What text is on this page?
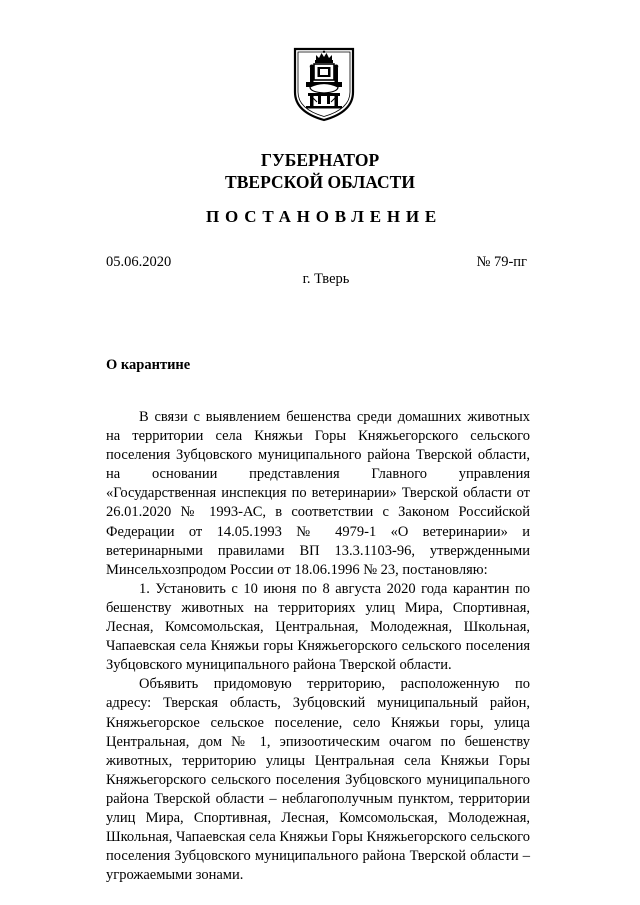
ГУБЕРНАТОР
ТВЕРСКОЙ ОБЛАСТИ
ПОСТАНОВЛЕНИЕ
05.06.2020	№ 79-пг
г. Тверь
О карантине

В связи с выявлением бешенства среди домашних животных на территории села Княжьи Горы Княжьегорского сельского поселения Зубцовского муниципального района Тверской области, на основании представления Главного управления «Государственная инспекция по ветеринарии» Тверской области от 26.01.2020 № 1993-АС, в соответствии с Законом Российской Федерации от 14.05.1993 № 4979-1 «О ветеринарии» и ветеринарными правилами ВП 13.3.1103-96, утвержденными Минсельхозпродом России от 18.06.1996 № 23, постановляю:

1. Установить с 10 июня по 8 августа 2020 года карантин по бешенству животных на территориях улиц Мира, Спортивная, Лесная, Комсомольская, Центральная, Молодежная, Школьная, Чапаевская села Княжьи горы Княжьегорского сельского поселения Зубцовского муниципального района Тверской области.

Объявить придомовую территорию, расположенную по адресу: Тверская область, Зубцовский муниципальный район, Княжьегорское сельское поселение, село Княжьи горы, улица Центральная, дом № 1, эпизоотическим очагом по бешенству животных, территорию улицы Центральная села Княжьи Горы Княжьегорского сельского поселения Зубцовского муниципального района Тверской области – неблагополучным пунктом, территории улиц Мира, Спортивная, Лесная, Комсомольская, Молодежная, Школьная, Чапаевская села Княжьи Горы Княжьегорского сельского поселения Зубцовского муниципального района Тверской области – угрожаемыми зонами.
